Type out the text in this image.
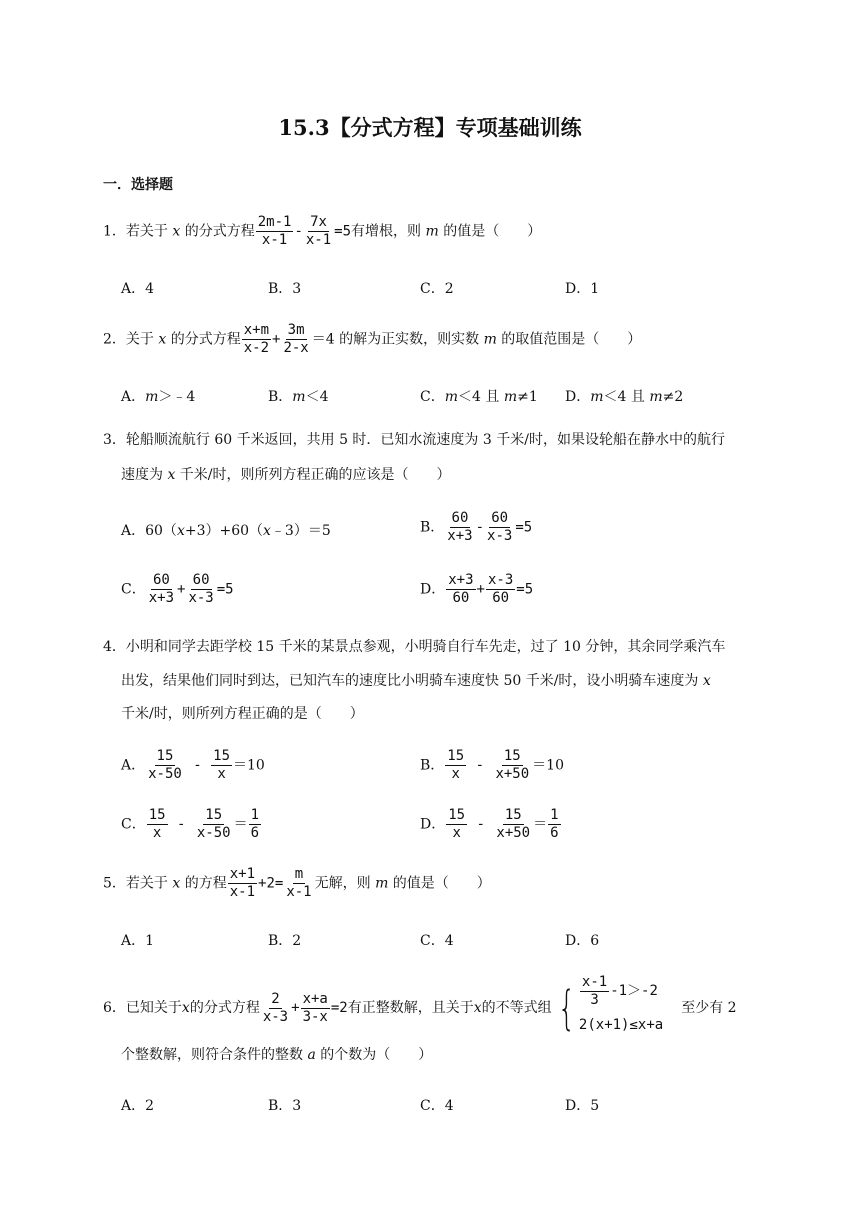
15.3【分式方程】专项基础训练
一．选择题
1．若关于 x 的分式方程 $\frac{2m-1}{x-1} - \frac{7x}{x-1} =5$有增根，则 m 的值是（　　）
A．4	B．3	C．2	D．1
2．关于 x 的分式方程 $\frac{x+m}{x-2} + \frac{3m}{2-x} =4$ 的解为正实数，则实数 m 的取值范围是（　　）
A．m＞﹣4	B．m＜4	C．m＜4 且 m≠1 D．m＜4 且 m≠2
3．轮船顺流航行 60 千米返回，共用 5 时．已知水流速度为 3 千米/时，如果设轮船在静水中的航行
速度为 x 千米/时，则所列方程正确的应该是（　　）
A．60（x+3）+60（x﹣3）＝5	B． $\frac{60}{x+3} - \frac{60}{x-3} =5$
C． $\frac{60}{x+3} + \frac{60}{x-3} =5$	D． $\frac{x+3}{60} + \frac{x-3}{60} =5$
4．小明和同学去距学校 15 千米的某景点参观，小明骑自行车先走，过了 10 分钟，其余同学乘汽车
出发，结果他们同时到达，已知汽车的速度比小明骑车速度快 50 千米/时，设小明骑车速度为 x
千米/时，则所列方程正确的是（　　）
A． $\frac{15}{x-50} - \frac{15}{x} =10$	B． $\frac{15}{x} - \frac{15}{x+50} =10$
C． $\frac{15}{x} - \frac{15}{x-50} = \frac{1}{6}$	D． $\frac{15}{x} - \frac{15}{x+50} = \frac{1}{6}$
5．若关于 x 的方程 $\frac{x+1}{x-1} +2= \frac{m}{x-1}$ 无解，则 m 的值是（　　）
A．1	B．2	C．4	D．6
6．已知关于 x 的分式方程 $\frac{2}{x-3} + \frac{x+a}{3-x} =2$ 有正整数解，且关于 x 的不等式组 { $\frac{x-1}{3} -1>-2$
2(x+1)≤x+a
至少有 2
个整数解，则符合条件的整数 a 的个数为（　　）
A．2	B．3	C．4	D．5
